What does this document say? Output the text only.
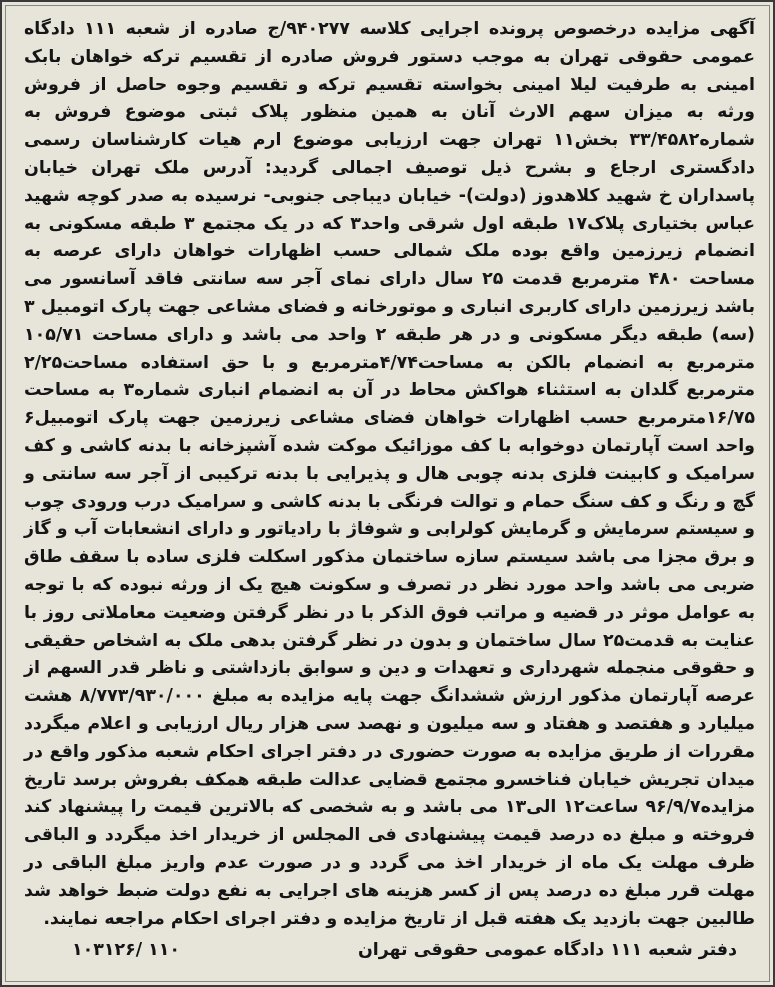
آگهی مزایده درخصوص پرونده اجرایی کلاسه ۹۴۰۲۷۷/ج صادره از شعبه ۱۱۱ دادگاه عمومی حقوقی تهران به موجب دستور فروش صادره از تقسیم ترکه خواهان بابک امینی به طرفیت لیلا امینی بخواسته تقسیم ترکه و تقسیم وجوه حاصل از فروش ورثه به میزان سهم الارث آنان به همین منظور پلاک ثبتی موضوع فروش به شماره۳۳/۴۵۸۲ بخش۱۱ تهران جهت ارزیابی موضوع ارم هیات کارشناسان رسمی دادگستری ارجاع و بشرح ذیل توصیف اجمالی گردید: آدرس ملک تهران خیابان پاسداران خ شهید کلاهدوز (دولت)- خیابان دیباجی جنوبی- نرسیده به صدر کوچه شهید عباس بختیاری پلاک۱۷ طبقه اول شرقی واحد۳ که در یک مجتمع ۳ طبقه مسکونی به انضمام زیرزمین واقع بوده ملک شمالی حسب اظهارات خواهان دارای عرصه به مساحت ۴۸۰ مترمربع قدمت ۲۵ سال دارای نمای آجر سه سانتی فاقد آسانسور می باشد زیرزمین دارای کاربری انباری و موتورخانه و فضای مشاعی جهت پارک اتومبیل ۳ (سه) طبقه دیگر مسکونی و در هر طبقه ۲ واحد می باشد و دارای مساحت ۱۰۵/۷۱ مترمربع به انضمام بالکن به مساحت۴/۷۴مترمربع و با حق استفاده مساحت۲/۲۵ مترمربع گلدان به استثناء هواکش محاط در آن به انضمام انباری شماره۳ به مساحت ۱۶/۷۵مترمربع حسب اظهارات خواهان فضای مشاعی زیرزمین جهت پارک اتومبیل۶ واحد است آپارتمان دوخوابه با کف موزائیک موکت شده آشپزخانه با بدنه کاشی و کف سرامیک و کابینت فلزی بدنه چوبی هال و پذیرایی با بدنه ترکیبی از آجر سه سانتی و گچ و رنگ و کف سنگ حمام و توالت فرنگی با بدنه کاشی و سرامیک درب ورودی چوب و سیستم سرمایش و گرمایش کولرابی و شوفاژ با رادیاتور و دارای انشعابات آب و گاز و برق مجزا می باشد سیستم سازه ساختمان مذکور اسکلت فلزی ساده با سقف طاق ضربی می باشد واحد مورد نظر در تصرف و سکونت هیچ یک از ورثه نبوده که با توجه به عوامل موثر در قضیه و مراتب فوق الذکر با در نظر گرفتن وضعیت معاملاتی روز با عنایت به قدمت۲۵ سال ساختمان و بدون در نظر گرفتن بدهی ملک به اشخاص حقیقی و حقوقی منجمله شهرداری و تعهدات و دین و سوابق بازداشتی و ناظر قدر السهم از عرصه آپارتمان مذکور ارزش ششدانگ جهت پایه مزایده به مبلغ ۸/۷۷۳/۹۳۰/۰۰۰ هشت میلیارد و هفتصد و هفتاد و سه میلیون و نهصد سی هزار ریال ارزیابی و اعلام میگردد مقررات از طریق مزایده به صورت حضوری در دفتر اجرای احکام شعبه مذکور واقع در میدان تجریش خیابان فناخسرو مجتمع قضایی عدالت طبقه همکف بفروش برسد تاریخ مزایده۹۶/۹/۷ ساعت۱۲ الی۱۳ می باشد و به شخصی که بالاترین قیمت را پیشنهاد کند فروخته و مبلغ ده درصد قیمت پیشنهادی فی المجلس از خریدار اخذ میگردد و الباقی ظرف مهلت یک ماه از خریدار اخذ می گردد و در صورت عدم واریز مبلغ الباقی در مهلت قرر مبلغ ده درصد پس از کسر هزینه های اجرایی به نفع دولت ضبط خواهد شد طالبین جهت بازدید یک هفته قبل از تاریخ مزایده و دفتر اجرای احکام مراجعه نمایند.

دفتر شعبه ۱۱۱ دادگاه عمومی حقوقی تهران
۱۱۰ /۱۰۳۱۲۶
